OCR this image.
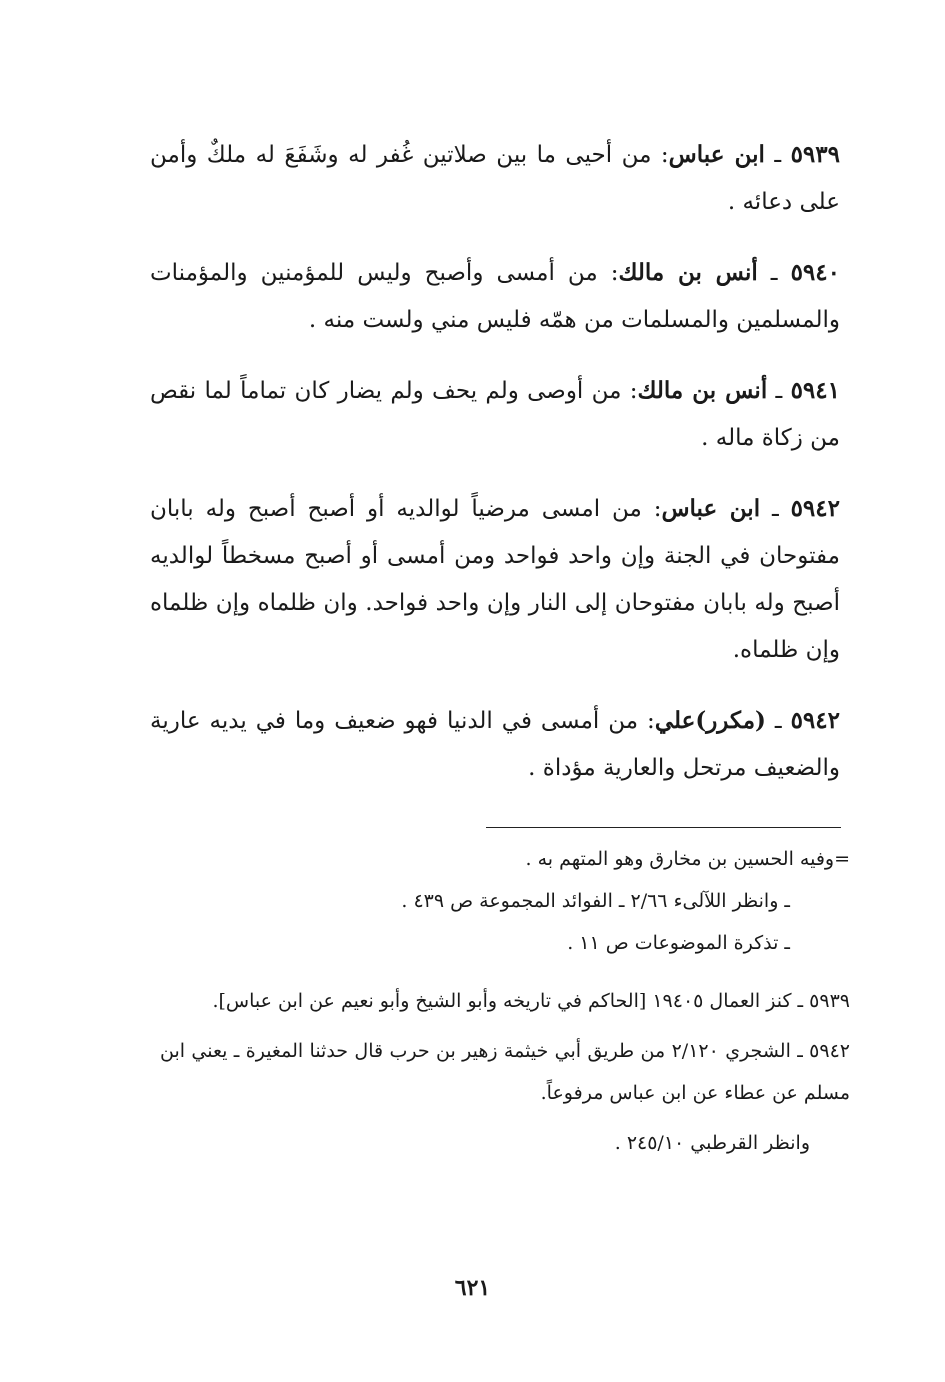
٥٩٣٩ ـ ابن عباس: من أحيى ما بين صلاتين غُفر له وشَفَعَ له ملكٌ وأمن على دعائه .

٥٩٤٠ ـ أنس بن مالك: من أمسى وأصبح وليس للمؤمنين والمؤمنات والمسلمين والمسلمات من همّه فليس مني ولست منه .

٥٩٤١ ـ أنس بن مالك: من أوصى ولم يحف ولم يضار كان تماماً لما نقص من زكاة ماله .

٥٩٤٢ ـ ابن عباس: من امسى مرضياً لوالديه أو أصبح أصبح وله بابان مفتوحان في الجنة وإن واحد فواحد ومن أمسى أو أصبح مسخطاً لوالديه أصبح وله بابان مفتوحان إلى النار وإن واحد فواحد. وان ظلماه وإن ظلماه وإن ظلماه.

٥٩٤٢ ـ (مكرر)علي: من أمسى في الدنيا فهو ضعيف وما في يديه عارية والضعيف مرتحل والعارية مؤداة .

=وفيه الحسين بن مخارق وهو المتهم به .
ـ وانظر اللآلىء ٢/٦٦ ـ الفوائد المجموعة ص ٤٣٩ .
ـ تذكرة الموضوعات ص ١١ .
٥٩٣٩ ـ كنز العمال ١٩٤٠٥ [الحاكم في تاريخه وأبو الشيخ وأبو نعيم عن ابن عباس].
٥٩٤٢ ـ الشجري ٢/١٢٠ من طريق أبي خيثمة زهير بن حرب قال حدثنا المغيرة ـ يعني ابن مسلم عن عطاء عن ابن عباس مرفوعاً.
وانظر القرطبي ٢٤٥/١٠ .
٦٢١
